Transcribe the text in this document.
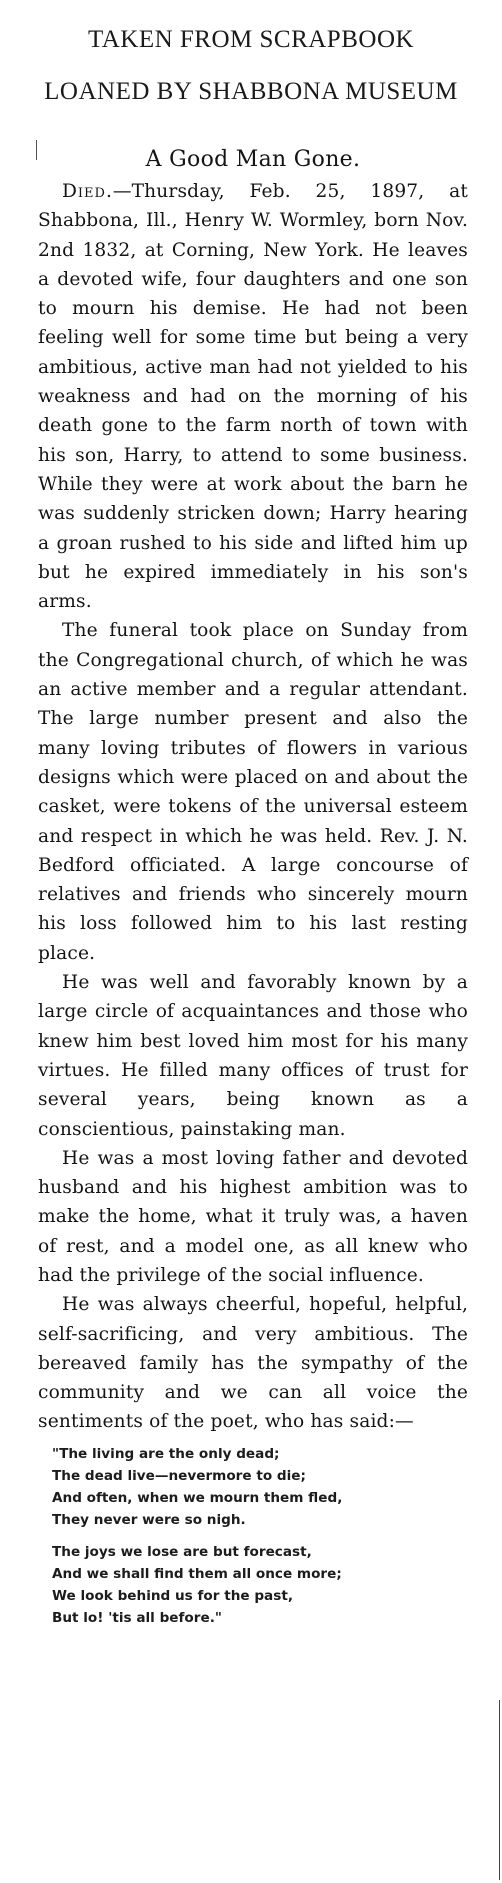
TAKEN FROM SCRAPBOOK
LOANED BY SHABBONA MUSEUM
A Good Man Gone.

Died.—Thursday, Feb. 25, 1897, at Shabbona, Ill., Henry W. Wormley, born Nov. 2nd 1832, at Corning, New York. He leaves a devoted wife, four daughters and one son to mourn his demise. He had not been feeling well for some time but being a very ambitious, active man had not yielded to his weakness and had on the morning of his death gone to the farm north of town with his son, Harry, to attend to some business. While they were at work about the barn he was suddenly stricken down; Harry hearing a groan rushed to his side and lifted him up but he expired immediately in his son's arms.

The funeral took place on Sunday from the Congregational church, of which he was an active member and a regular attendant. The large number present and also the many loving tributes of flowers in various designs which were placed on and about the casket, were tokens of the universal esteem and respect in which he was held. Rev. J. N. Bedford officiated. A large concourse of relatives and friends who sincerely mourn his loss followed him to his last resting place.

He was well and favorably known by a large circle of acquaintances and those who knew him best loved him most for his many virtues. He filled many offices of trust for several years, being known as a conscientious, painstaking man.

He was a most loving father and devoted husband and his highest ambition was to make the home, what it truly was, a haven of rest, and a model one, as all knew who had the privilege of the social influence.

He was always cheerful, hopeful, helpful, self-sacrificing, and very ambitious. The bereaved family has the sympathy of the community and we can all voice the sentiments of the poet, who has said:—

"The living are the only dead;
The dead live—nevermore to die;
And often, when we mourn them fled,
They never were so nigh.
The joys we lose are but forecast,
And we shall find them all once more;
We look behind us for the past,
But lo! 'tis all before."
